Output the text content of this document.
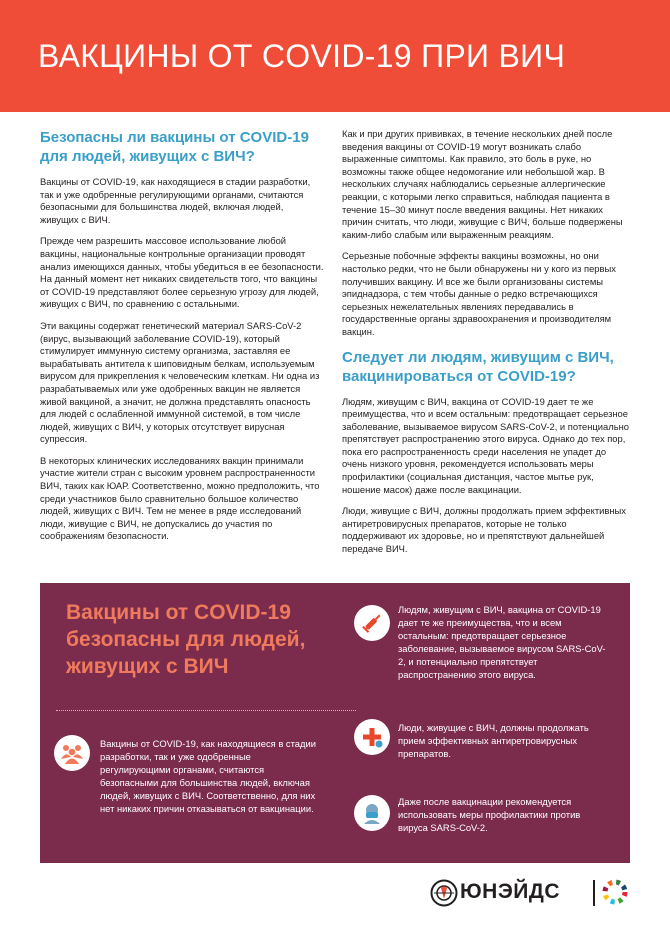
ВАКЦИНЫ ОТ COVID-19 ПРИ ВИЧ
Безопасны ли вакцины от COVID-19 для людей, живущих с ВИЧ?

Вакцины от COVID-19, как находящиеся в стадии разработки, так и уже одобренные регулирующими органами, считаются безопасными для большинства людей, включая людей, живущих с ВИЧ.

Прежде чем разрешить массовое использование любой вакцины, национальные контрольные организации проводят анализ имеющихся данных, чтобы убедиться в ее безопасности. На данный момент нет никаких свидетельств того, что вакцины от COVID-19 представляют более серьезную угрозу для людей, живущих с ВИЧ, по сравнению с остальными.

Эти вакцины содержат генетический материал SARS-CoV-2 (вирус, вызывающий заболевание COVID-19), который стимулирует иммунную систему организма, заставляя ее вырабатывать антитела к шиповидным белкам, используемым вирусом для прикрепления к человеческим клеткам. Ни одна из разрабатываемых или уже одобренных вакцин не является живой вакциной, а значит, не должна представлять опасность для людей с ослабленной иммунной системой, в том числе людей, живущих с ВИЧ, у которых отсутствует вирусная супрессия.

В некоторых клинических исследованиях вакцин принимали участие жители стран с высоким уровнем распространенности ВИЧ, таких как ЮАР. Соответственно, можно предположить, что среди участников было сравнительно большое количество людей, живущих с ВИЧ. Тем не менее в ряде исследований люди, живущие с ВИЧ, не допускались до участия по соображениям безопасности.

Как и при других прививках, в течение нескольких дней после введения вакцины от COVID-19 могут возникать слабо выраженные симптомы. Как правило, это боль в руке, но возможны также общее недомогание или небольшой жар. В нескольких случаях наблюдались серьезные аллергические реакции, с которыми легко справиться, наблюдая пациента в течение 15–30 минут после введения вакцины. Нет никаких причин считать, что люди, живущие с ВИЧ, больше подвержены каким-либо слабым или выраженным реакциям.

Серьезные побочные эффекты вакцины возможны, но они настолько редки, что не были обнаружены ни у кого из первых получивших вакцину. И все же были организованы системы эпиднадзора, с тем чтобы данные о редко встречающихся серьезных нежелательных явлениях передавались в государственные органы здравоохранения и производителям вакцин.

Следует ли людям, живущим с ВИЧ, вакцинироваться от COVID-19?

Людям, живущим с ВИЧ, вакцина от COVID-19 дает те же преимущества, что и всем остальным: предотвращает серьезное заболевание, вызываемое вирусом SARS-CoV-2, и потенциально препятствует распространению этого вируса. Однако до тех пор, пока его распространенность среди населения не упадет до очень низкого уровня, рекомендуется использовать меры профилактики (социальная дистанция, частое мытье рук, ношение масок) даже после вакцинации.

Люди, живущие с ВИЧ, должны продолжать прием эффективных антиретровирусных препаратов, которые не только поддерживают их здоровье, но и препятствуют дальнейшей передаче ВИЧ.

Вакцины от COVID-19 безопасны для людей, живущих с ВИЧ
Вакцины от COVID-19, как находящиеся в стадии разработки, так и уже одобренные регулирующими органами, считаются безопасными для большинства людей, включая людей, живущих с ВИЧ. Соответственно, для них нет никаких причин отказываться от вакцинации.
Людям, живущим с ВИЧ, вакцина от COVID-19 дает те же преимущества, что и всем остальным: предотвращает серьезное заболевание, вызываемое вирусом SARS-CoV-2, и потенциально препятствует распространению этого вируса.
Люди, живущие с ВИЧ, должны продолжать прием эффективных антиретровирусных препаратов.
Даже после вакцинации рекомендуется использовать меры профилактики против вируса SARS-CoV-2.
ЮНЭЙДС
